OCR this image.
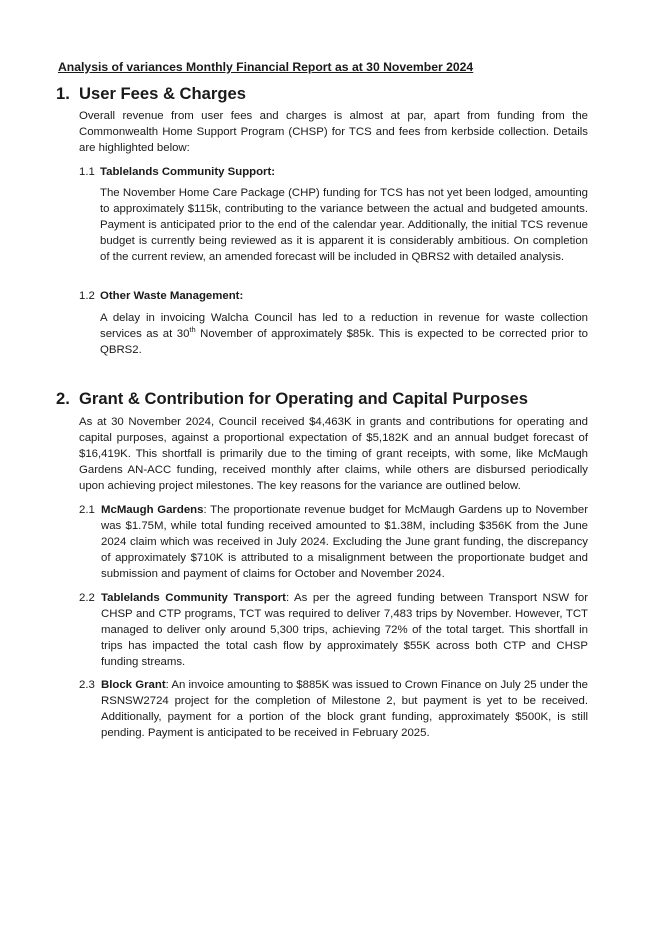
Analysis of variances Monthly Financial Report as at 30 November 2024

1. User Fees & Charges

Overall revenue from user fees and charges is almost at par, apart from funding from the Commonwealth Home Support Program (CHSP) for TCS and fees from kerbside collection. Details are highlighted below:

1.1 Tablelands Community Support:

The November Home Care Package (CHP) funding for TCS has not yet been lodged, amounting to approximately $115k, contributing to the variance between the actual and budgeted amounts. Payment is anticipated prior to the end of the calendar year. Additionally, the initial TCS revenue budget is currently being reviewed as it is apparent it is considerably ambitious. On completion of the current review, an amended forecast will be included in QBRS2 with detailed analysis.

1.2 Other Waste Management:

A delay in invoicing Walcha Council has led to a reduction in revenue for waste collection services as at 30th November of approximately $85k. This is expected to be corrected prior to QBRS2.

2. Grant & Contribution for Operating and Capital Purposes

As at 30 November 2024, Council received $4,463K in grants and contributions for operating and capital purposes, against a proportional expectation of $5,182K and an annual budget forecast of $16,419K. This shortfall is primarily due to the timing of grant receipts, with some, like McMaugh Gardens AN-ACC funding, received monthly after claims, while others are disbursed periodically upon achieving project milestones. The key reasons for the variance are outlined below.

2.1 McMaugh Gardens: The proportionate revenue budget for McMaugh Gardens up to November was $1.75M, while total funding received amounted to $1.38M, including $356K from the June 2024 claim which was received in July 2024. Excluding the June grant funding, the discrepancy of approximately $710K is attributed to a misalignment between the proportionate budget and submission and payment of claims for October and November 2024.
2.2 Tablelands Community Transport: As per the agreed funding between Transport NSW for CHSP and CTP programs, TCT was required to deliver 7,483 trips by November. However, TCT managed to deliver only around 5,300 trips, achieving 72% of the total target. This shortfall in trips has impacted the total cash flow by approximately $55K across both CTP and CHSP funding streams.
2.3 Block Grant: An invoice amounting to $885K was issued to Crown Finance on July 25 under the RSNSW2724 project for the completion of Milestone 2, but payment is yet to be received. Additionally, payment for a portion of the block grant funding, approximately $500K, is still pending. Payment is anticipated to be received in February 2025.
